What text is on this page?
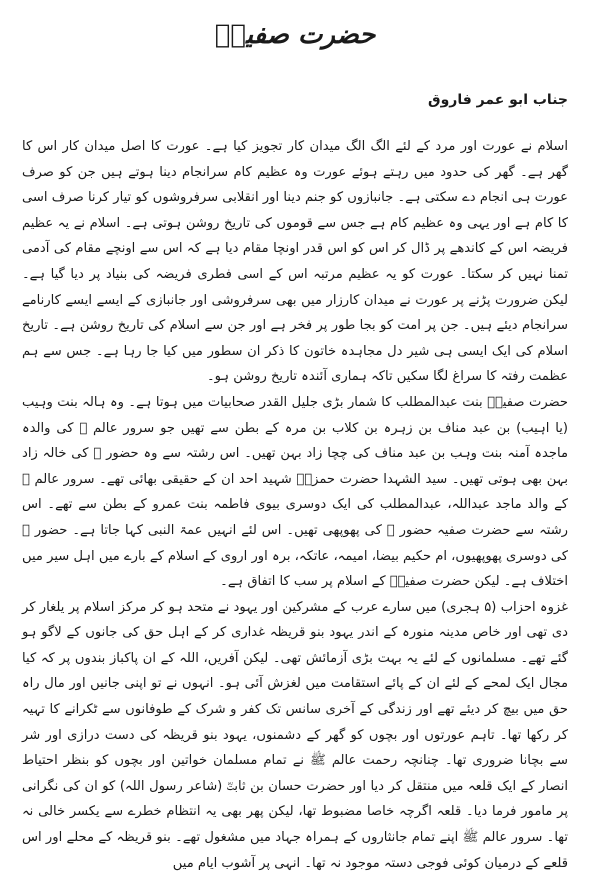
حضرت صفیہؓ
جناب ابو عمر فاروق

اسلام نے عورت اور مرد کے لئے الگ الگ میدان کار تجویز کیا ہے۔ عورت کا اصل میدان کار اس کا گھر ہے۔ گھر کی حدود میں رہتے ہوئے عورت وہ عظیم کام سرانجام دینا ہوتے ہیں جن کو صرف عورت ہی انجام دے سکتی ہے۔ جانبازوں کو جنم دینا اور انقلابی سرفروشوں کو تیار کرنا صرف اسی کا کام ہے اور یہی وہ عظیم کام ہے جس سے قوموں کی تاریخ روشن ہوتی ہے۔ اسلام نے یہ عظیم فریضہ اس کے کاندھے پر ڈال کر اس کو اس قدر اونچا مقام دیا ہے کہ اس سے اونچے مقام کی آدمی تمنا نہیں کر سکتا۔ عورت کو یہ عظیم مرتبہ اس کے اسی فطری فریضہ کی بنیاد پر دیا گیا ہے۔ لیکن ضرورت پڑنے پر عورت نے میدان کارزار میں بھی سرفروشی اور جانبازی کے ایسے ایسے کارنامے سرانجام دیئے ہیں۔ جن پر امت کو بجا طور پر فخر ہے اور جن سے اسلام کی تاریخ روشن ہے۔ تاریخ اسلام کی ایک ایسی ہی شیر دل مجاہدہ خاتون کا ذکر ان سطور میں کیا جا رہا ہے۔ جس سے ہم عظمت رفتہ کا سراغ لگا سکیں تاکہ ہماری آئندہ تاریخ روشن ہو۔

حضرت صفیہؓ بنت عبدالمطلب کا شمار بڑی جلیل القدر صحابیات میں ہوتا ہے۔ وہ ہالہ بنت وہیب (یا اہیب) بن عبد مناف بن زہرہ بن کلاب بن مرہ کے بطن سے تھیں جو سرور عالم ﷺ کی والدہ ماجدہ آمنہ بنت وہب بن عبد مناف کی چچا زاد بہن تھیں۔ اس رشتہ سے وہ حضور ﷺ کی خالہ زاد بہن بھی ہوتی تھیں۔ سید الشہدا حضرت حمزہؓ شہید احد ان کے حقیقی بھائی تھے۔ سرور عالم ﷺ کے والد ماجد عبداللہ، عبدالمطلب کی ایک دوسری بیوی فاطمہ بنت عمرو کے بطن سے تھے۔ اس رشتہ سے حضرت صفیہ حضور ﷺ کی پھوپھی تھیں۔ اس لئے انہیں عمۃ النبی کہا جاتا ہے۔ حضور ﷺ کی دوسری پھوپھیوں، ام حکیم بیضا، امیمہ، عاتکہ، برہ اور اروی کے اسلام کے بارے میں اہل سیر میں اختلاف ہے۔ لیکن حضرت صفیہؓ کے اسلام پر سب کا اتفاق ہے۔

غزوہ احزاب (۵ ہجری) میں سارے عرب کے مشرکین اور یہود نے متحد ہو کر مرکز اسلام پر یلغار کر دی تھی اور خاص مدینہ منورہ کے اندر یہود بنو قریظہ غداری کر کے اہل حق کی جانوں کے لاگو ہو گئے تھے۔ مسلمانوں کے لئے یہ بہت بڑی آزمائش تھی۔ لیکن آفریں، اللہ کے ان پاکباز بندوں پر کہ کیا مجال ایک لمحے کے لئے ان کے پائے استقامت میں لغزش آئی ہو۔ انہوں نے تو اپنی جانیں اور مال راہ حق میں بیچ کر دیئے تھے اور زندگی کے آخری سانس تک کفر و شرک کے طوفانوں سے ٹکرانے کا تہیہ کر رکھا تھا۔ تاہم عورتوں اور بچوں کو گھر کے دشمنوں، یہود بنو قریظہ کی دست درازی اور شر سے بچانا ضروری تھا۔ چنانچہ رحمت عالم ﷺ نے تمام مسلمان خواتین اور بچوں کو بنظر احتیاط انصار کے ایک قلعہ میں منتقل کر دیا اور حضرت حسان بن ثابتؓ (شاعر رسول اللہ) کو ان کی نگرانی پر مامور فرما دیا۔ قلعہ اگرچہ خاصا مضبوط تھا، لیکن پھر بھی یہ انتظام خطرے سے یکسر خالی نہ تھا۔ سرور عالم ﷺ اپنے تمام جانثاروں کے ہمراہ جہاد میں مشغول تھے۔ بنو قریظہ کے محلے اور اس قلعے کے درمیان کوئی فوجی دستہ موجود نہ تھا۔ انہی پر آشوب ایام میں
